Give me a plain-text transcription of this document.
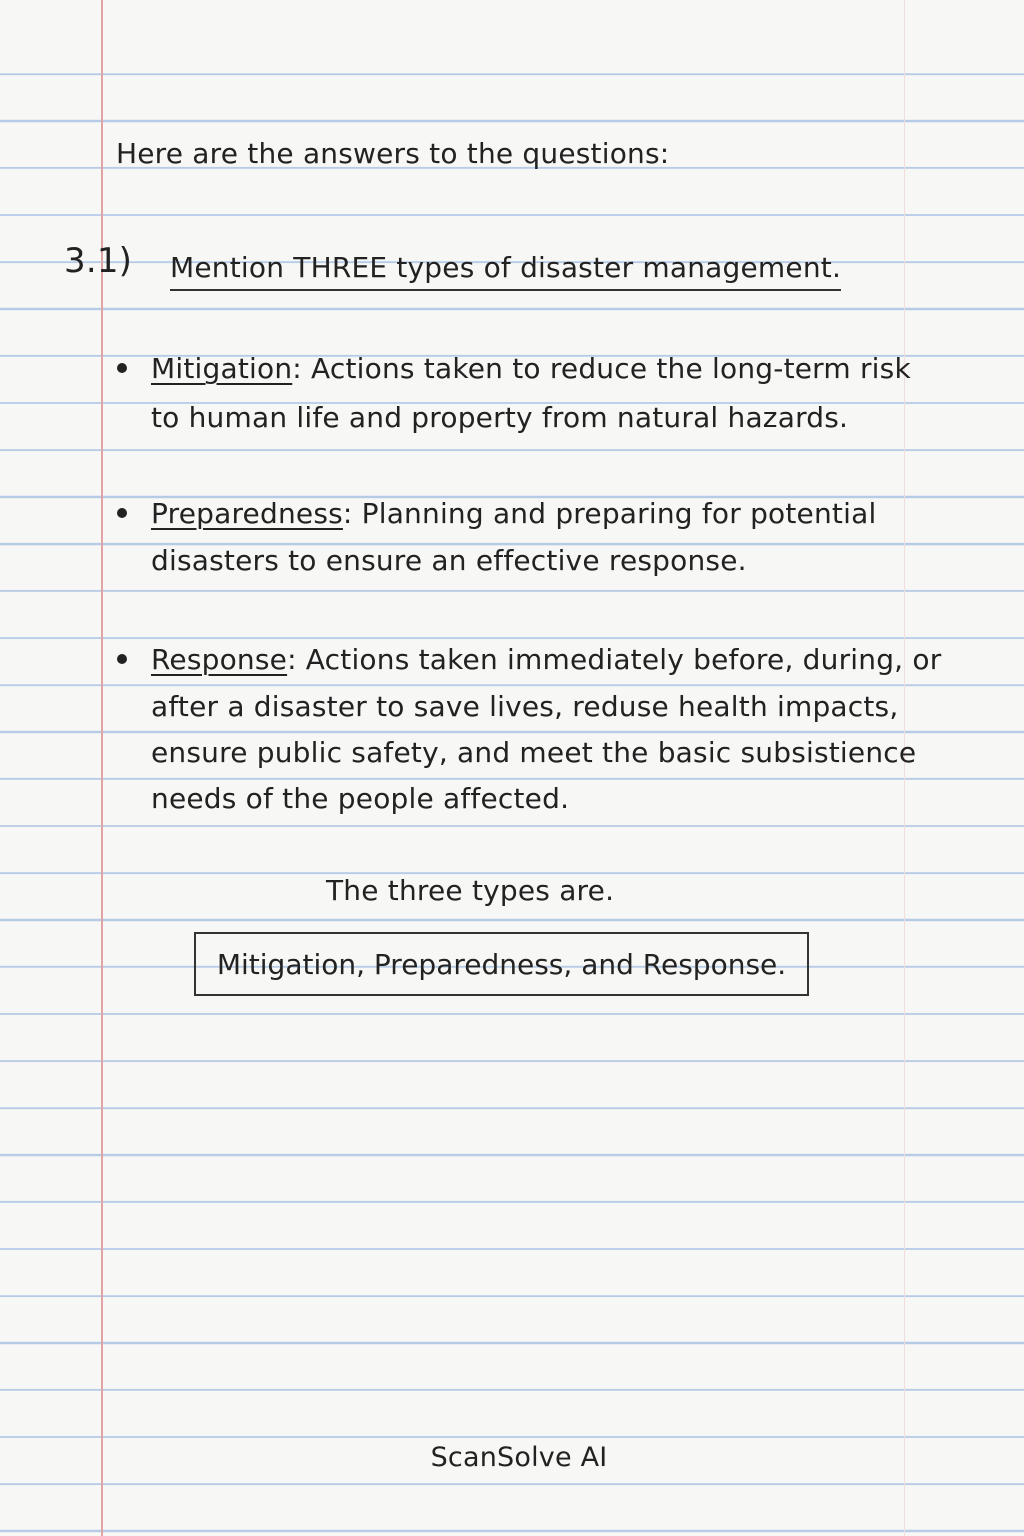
Here are the answers to the questions:
3.1) Mention THREE types of disaster management.
Mitigation: Actions taken to reduce the long-term risk
to human life and property from natural hazards.
Preparedness: Planning and preparing for potential
disasters to ensure an effective response.
Response: Actions taken immediately before, during, or
after a disaster to save lives, reduse health impacts,
ensure public safety, and meet the basic subsistience
needs of the people affected.
The three types are.
Mitigation, Preparedness, and Response.
ScanSolve AI
